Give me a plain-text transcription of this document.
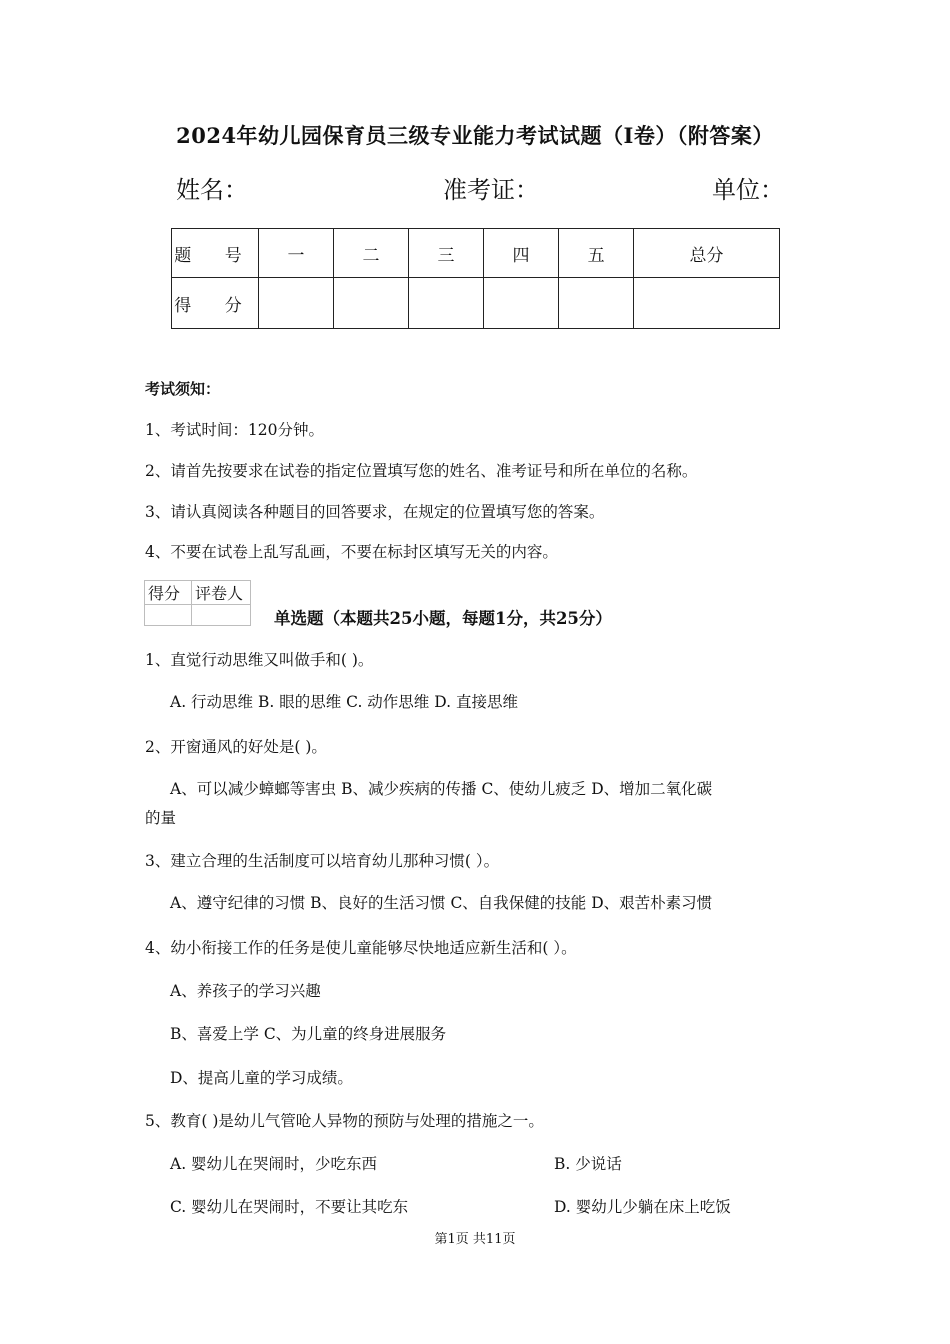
2024年幼儿园保育员三级专业能力考试试题（I卷）（附答案）
姓名：	准考证：	单位：
题 号	一	二	三	四	五	总分
得 分						
考试须知：
1、考试时间：120分钟。
2、请首先按要求在试卷的指定位置填写您的姓名、准考证号和所在单位的名称。
3、请认真阅读各种题目的回答要求，在规定的位置填写您的答案。
4、不要在试卷上乱写乱画，不要在标封区填写无关的内容。
得分	评卷人

单选题（本题共25小题，每题1分，共25分）
1、直觉行动思维又叫做手和( )。
A. 行动思维 B. 眼的思维 C. 动作思维 D. 直接思维
2、开窗通风的好处是( )。
A、可以减少蟑螂等害虫 B、减少疾病的传播 C、使幼儿疲乏 D、增加二氧化碳
的量
3、建立合理的生活制度可以培育幼儿那种习惯( ）。
A、遵守纪律的习惯 B、良好的生活习惯 C、自我保健的技能 D、艰苦朴素习惯
4、幼小衔接工作的任务是使儿童能够尽快地适应新生活和( ）。
A、养孩子的学习兴趣
B、喜爱上学 C、为儿童的终身进展服务
D、提高儿童的学习成绩。
5、教育( )是幼儿气管呛人异物的预防与处理的措施之一。
A. 婴幼儿在哭闹时，少吃东西	B. 少说话
C. 婴幼儿在哭闹时，不要让其吃东	D. 婴幼儿少躺在床上吃饭
第1页 共11页
